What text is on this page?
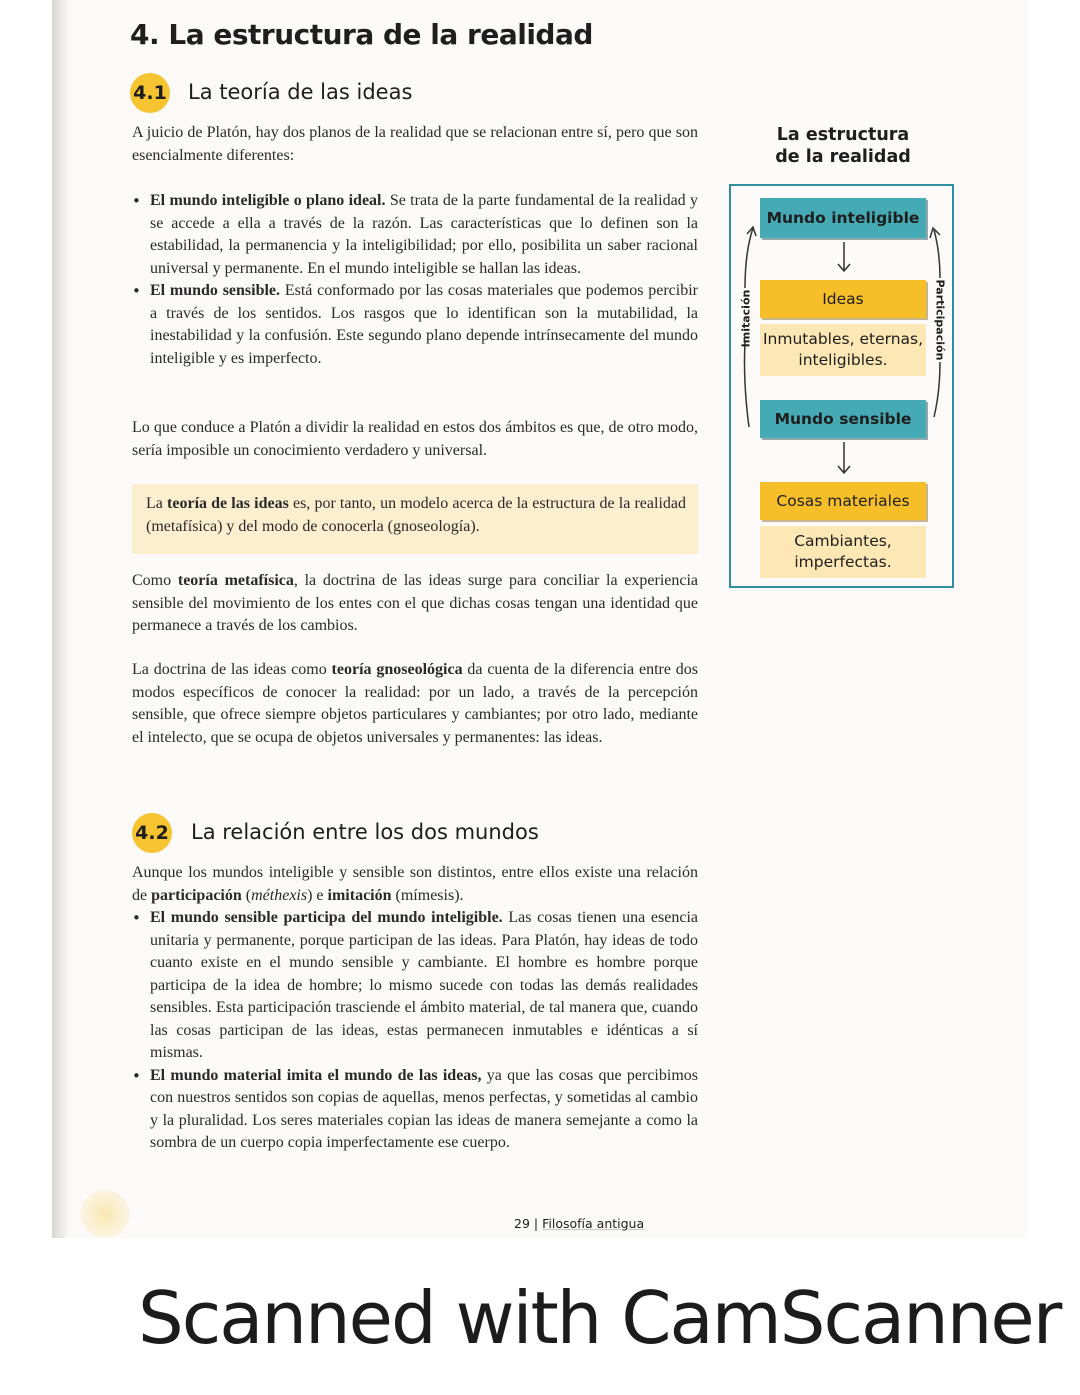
4. La estructura de la realidad
4.1 La teoría de las ideas

A juicio de Platón, hay dos planos de la realidad que se relacionan entre sí, pero que son esencialmente diferentes:

• El mundo inteligible o plano ideal. Se trata de la parte fundamental de la realidad y se accede a ella a través de la razón. Las características que lo definen son la estabilidad, la permanencia y la inteligibilidad; por ello, posibilita un saber racional universal y permanente. En el mundo inteligible se hallan las ideas.

• El mundo sensible. Está conformado por las cosas materiales que podemos percibir a través de los sentidos. Los rasgos que lo identifican son la mutabilidad, la inestabilidad y la confusión. Este segundo plano depende intrínsecamente del mundo inteligible y es imperfecto.

Lo que conduce a Platón a dividir la realidad en estos dos ámbitos es que, de otro modo, sería imposible un conocimiento verdadero y universal.

La teoría de las ideas es, por tanto, un modelo acerca de la estructura de la realidad (metafísica) y del modo de conocerla (gnoseología).

Como teoría metafísica, la doctrina de las ideas surge para conciliar la experiencia sensible del movimiento de los entes con el que dichas cosas tengan una identidad que permanece a través de los cambios.

La doctrina de las ideas como teoría gnoseológica da cuenta de la diferencia entre dos modos específicos de conocer la realidad: por un lado, a través de la percepción sensible, que ofrece siempre objetos particulares y cambiantes; por otro lado, mediante el intelecto, que se ocupa de objetos universales y permanentes: las ideas.

4.2 La relación entre los dos mundos

Aunque los mundos inteligible y sensible son distintos, entre ellos existe una relación de participación (méthexis) e imitación (mímesis).

• El mundo sensible participa del mundo inteligible. Las cosas tienen una esencia unitaria y permanente, porque participan de las ideas. Para Platón, hay ideas de todo cuanto existe en el mundo sensible y cambiante. El hombre es hombre porque participa de la idea de hombre; lo mismo sucede con todas las demás realidades sensibles. Esta participación trasciende el ámbito material, de tal manera que, cuando las cosas participan de las ideas, estas permanecen inmutables e idénticas a sí mismas.

• El mundo material imita el mundo de las ideas, ya que las cosas que percibimos con nuestros sentidos son copias de aquellas, menos perfectas, y sometidas al cambio y la pluralidad. Los seres materiales copian las ideas de manera semejante a como la sombra de un cuerpo copia imperfectamente ese cuerpo.

La estructura
de la realidad
Mundo inteligible
Ideas
Inmutables, eternas,
inteligibles.
Mundo sensible
Cosas materiales
Cambiantes,
imperfectas.
Imitación	Participación
29 | Filosofía antigua
Scanned with CamScanner
